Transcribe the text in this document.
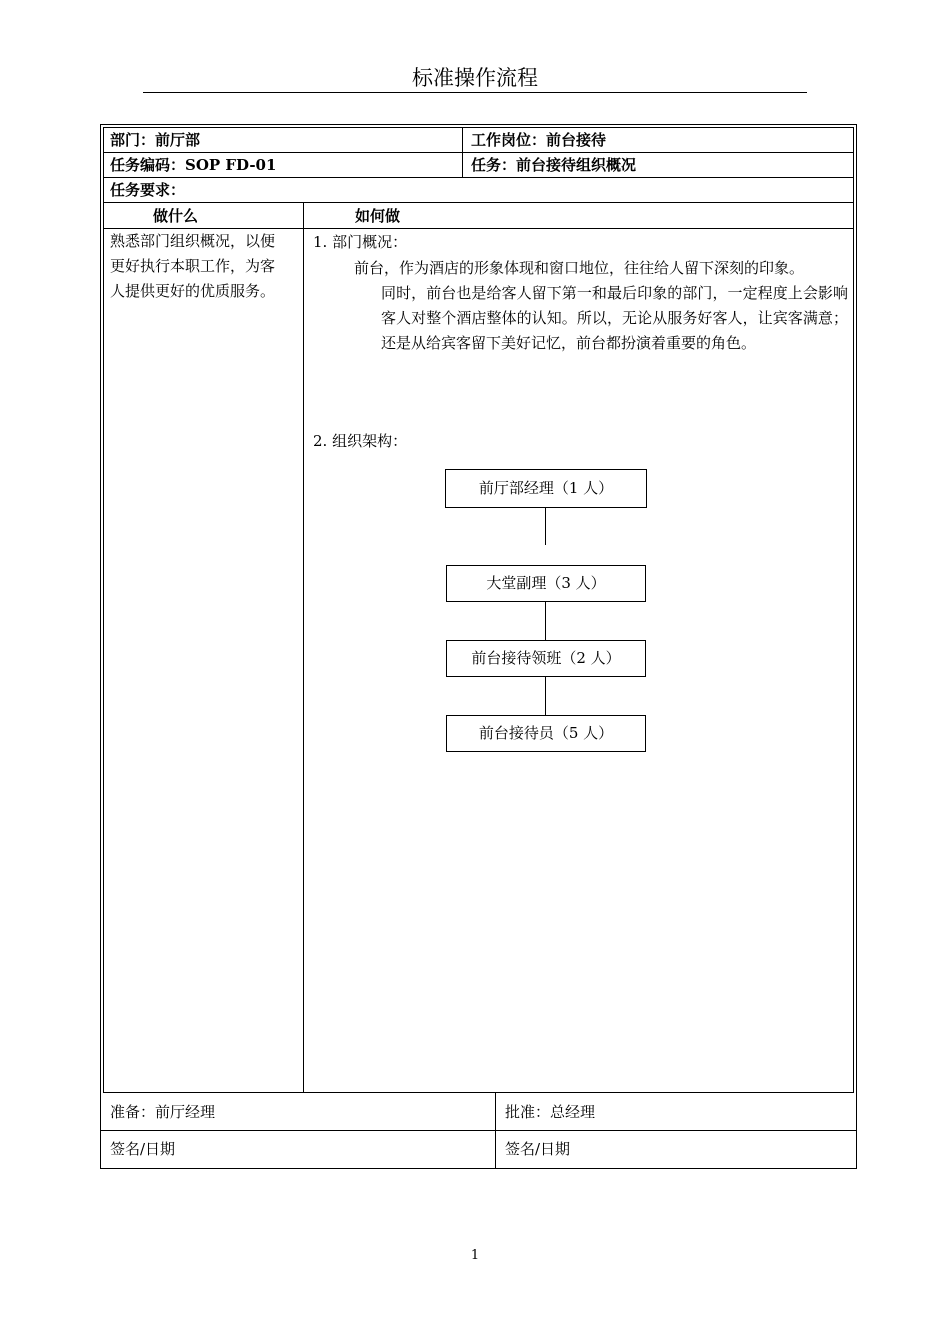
标准操作流程
部门：前厅部	工作岗位：前台接待
任务编码：SOP FD-01	任务：前台接待组织概况
任务要求：
做什么	如何做
熟悉部门组织概况，以便
更好执行本职工作，为客
人提供更好的优质服务。
1. 部门概况：
前台，作为酒店的形象体现和窗口地位，往往给人留下深刻的印象。
同时，前台也是给客人留下第一和最后印象的部门，一定程度上会影响客人对整个酒店整体的认知。所以，无论从服务好客人，让宾客满意；还是从给宾客留下美好记忆，前台都扮演着重要的角色。
2. 组织架构：
前厅部经理（1 人）
大堂副理（3 人）
前台接待领班（2 人）
前台接待员（5 人）
准备：前厅经理	批准：总经理
签名/日期	签名/日期
1
